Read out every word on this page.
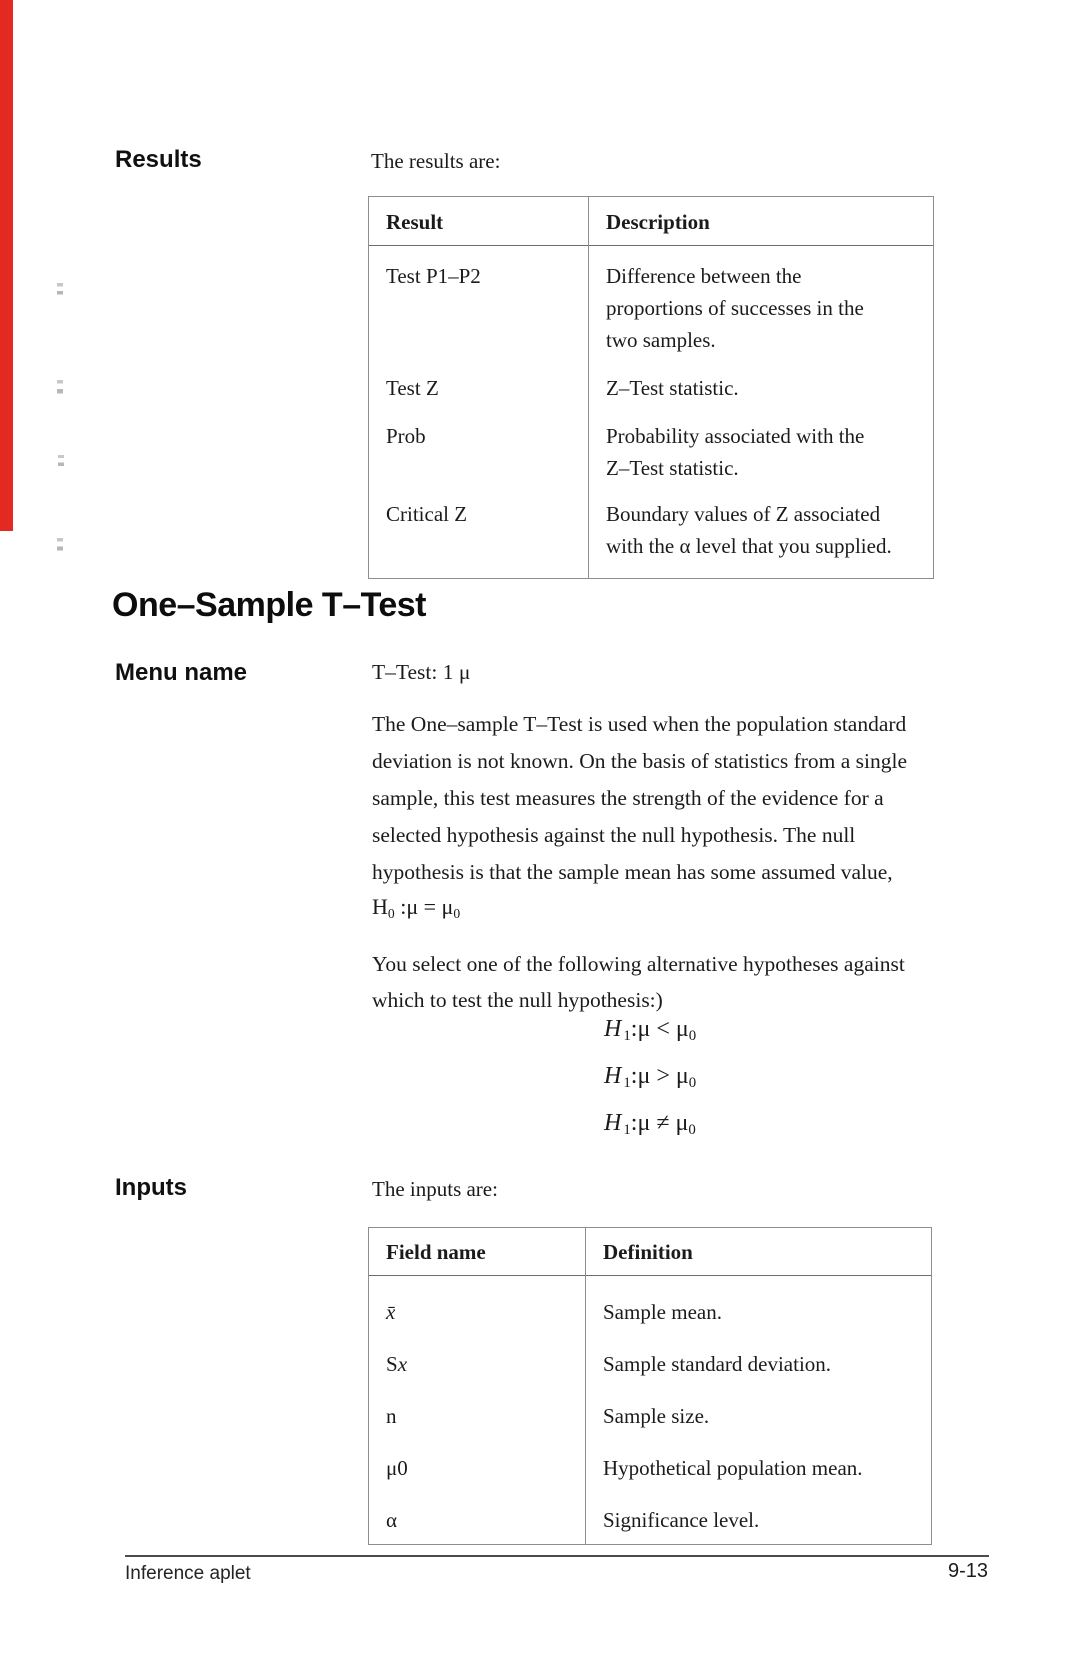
Results	The results are:
Result	Description
Test P1–P2	Difference between the
proportions of successes in the
two samples.
Test Z	Z–Test statistic.
Prob	Probability associated with the
Z–Test statistic.
Critical Z	Boundary values of Z associated
with the α level that you supplied.
One–Sample T–Test
Menu name	T–Test: 1 μ
The One–sample T–Test is used when the population standard
deviation is not known. On the basis of statistics from a single
sample, this test measures the strength of the evidence for a
selected hypothesis against the null hypothesis. The null
hypothesis is that the sample mean has some assumed value,
H0 :μ = μ0
You select one of the following alternative hypotheses against
which to test the null hypothesis:)
H 1:μ < μ0
H 1:μ > μ0
H 1:μ ≠ μ0
Inputs	The inputs are:
Field name	Definition
x̄	Sample mean.
Sx	Sample standard deviation.
n	Sample size.
μ0	Hypothetical population mean.
α	Significance level.
Inference aplet	9-13
